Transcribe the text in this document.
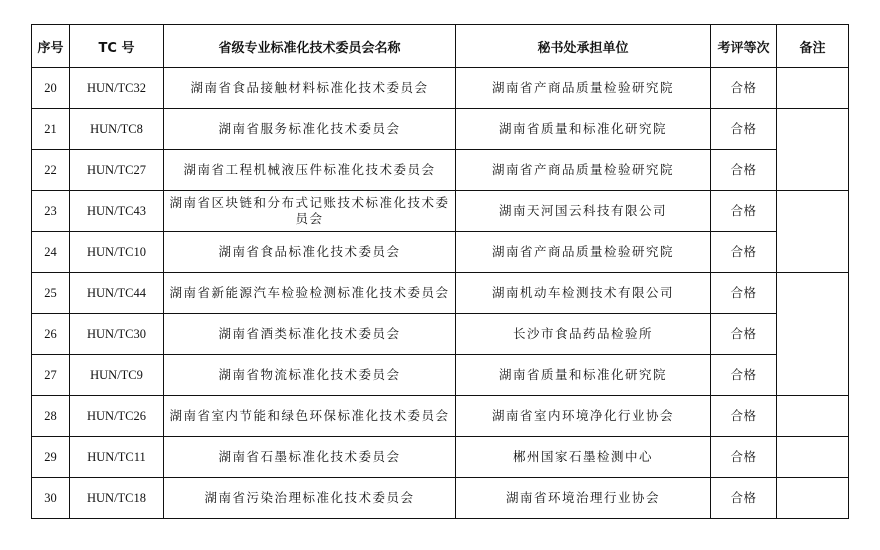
序号	TC 号	省级专业标准化技术委员会名称	秘书处承担单位	考评等次	备注
20	HUN/TC32	湖南省食品接触材料标准化技术委员会	湖南省产商品质量检验研究院	合格	
21	HUN/TC8	湖南省服务标准化技术委员会	湖南省质量和标准化研究院	合格	
22	HUN/TC27	湖南省工程机械液压件标准化技术委员会	湖南省产商品质量检验研究院	合格	
23	HUN/TC43	湖南省区块链和分布式记账技术标准化技术委员会	湖南天河国云科技有限公司	合格	
24	HUN/TC10	湖南省食品标准化技术委员会	湖南省产商品质量检验研究院	合格	
25	HUN/TC44	湖南省新能源汽车检验检测标准化技术委员会	湖南机动车检测技术有限公司	合格	
26	HUN/TC30	湖南省酒类标准化技术委员会	长沙市食品药品检验所	合格	
27	HUN/TC9	湖南省物流标准化技术委员会	湖南省质量和标准化研究院	合格	
28	HUN/TC26	湖南省室内节能和绿色环保标准化技术委员会	湖南省室内环境净化行业协会	合格	
29	HUN/TC11	湖南省石墨标准化技术委员会	郴州国家石墨检测中心	合格	
30	HUN/TC18	湖南省污染治理标准化技术委员会	湖南省环境治理行业协会	合格	
